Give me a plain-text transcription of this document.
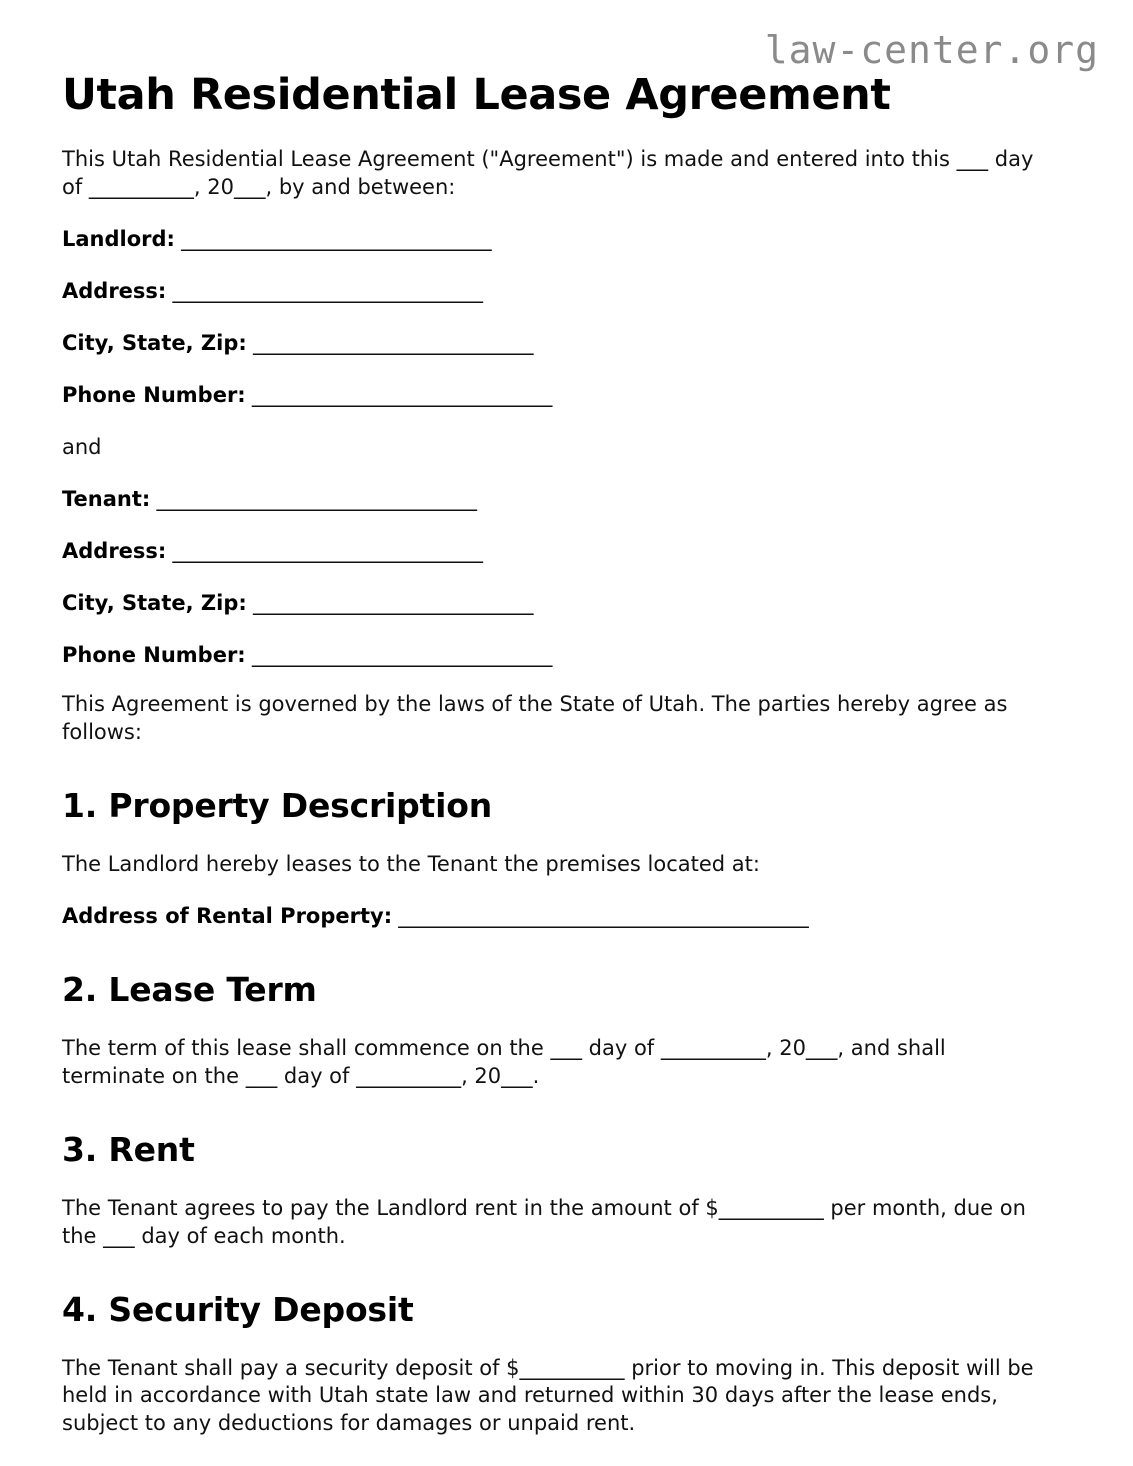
law-center.org
Utah Residential Lease Agreement

This Utah Residential Lease Agreement ("Agreement") is made and entered into this ___ day of __________, 20___, by and between:

Landlord: _______________________________
Address: _______________________________
City, State, Zip: ____________________________
Phone Number: ______________________________
and
Tenant: ________________________________
Address: _______________________________
City, State, Zip: ____________________________
Phone Number: ______________________________

This Agreement is governed by the laws of the State of Utah. The parties hereby agree as follows:

1. Property Description

The Landlord hereby leases to the Tenant the premises located at:

Address of Rental Property: _________________________________________
2. Lease Term

The term of this lease shall commence on the ___ day of __________, 20___, and shall terminate on the ___ day of __________, 20___.

3. Rent

The Tenant agrees to pay the Landlord rent in the amount of $__________ per month, due on the ___ day of each month.

4. Security Deposit

The Tenant shall pay a security deposit of $__________ prior to moving in. This deposit will be held in accordance with Utah state law and returned within 30 days after the lease ends, subject to any deductions for damages or unpaid rent.
